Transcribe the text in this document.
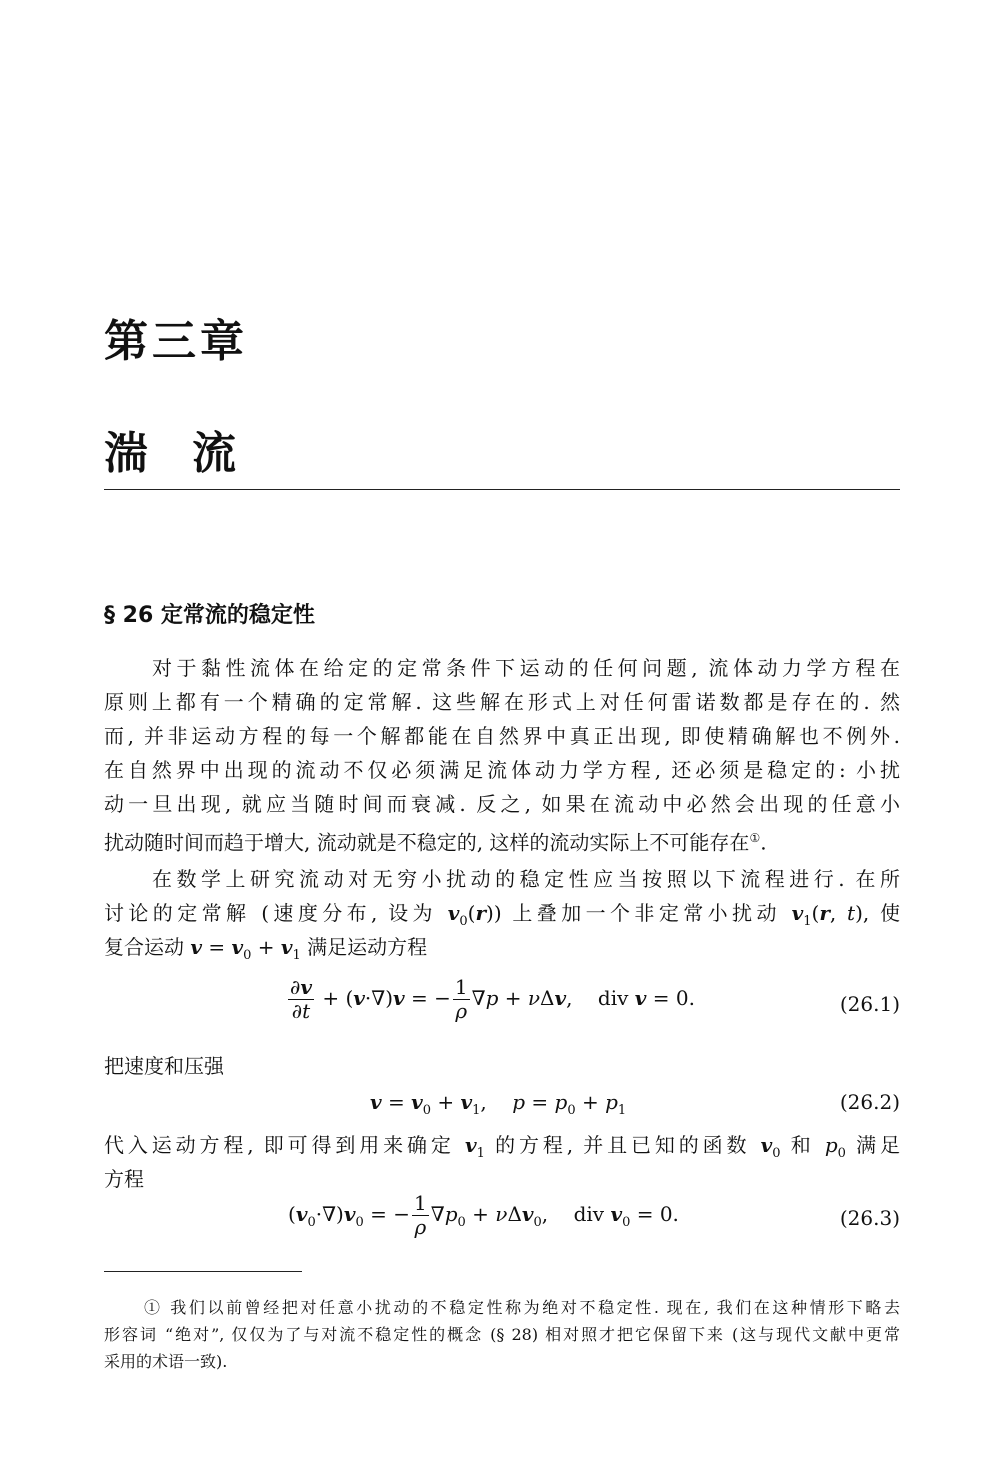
第三章
湍流
§ 26 定常流的稳定性
对于黏性流体在给定的定常条件下运动的任何问题, 流体动力学方程在
原则上都有一个精确的定常解. 这些解在形式上对任何雷诺数都是存在的. 然
而, 并非运动方程的每一个解都能在自然界中真正出现, 即使精确解也不例外.
在自然界中出现的流动不仅必须满足流体动力学方程, 还必须是稳定的: 小扰
动一旦出现, 就应当随时间而衰减. 反之, 如果在流动中必然会出现的任意小
扰动随时间而趋于增大, 流动就是不稳定的, 这样的流动实际上不可能存在①.
在数学上研究流动对无穷小扰动的稳定性应当按照以下流程进行. 在所
讨论的定常解 (速度分布, 设为 $v_0(r)$) 上叠加一个非定常小扰动 $v_1(r$, t), 使
复合运动 $v = v_0 + v_1$ 满足运动方程
$\frac{\partial v}{\partial t} + (v\cdot\nabla)v$ = − $\frac{1}{\rho} \nabla p + \nu\Delta v$,    div v = 0.	(26.1)
把速度和压强
$v = v_0 + v_1$,    $p = p_0 + p_1$	(26.2)
代入运动方程, 即可得到用来确定 $v_1$ 的方程, 并且已知的函数 $v_0$ 和 $p_0$ 满足
方程
$(v_0\cdot\nabla)v_0$ = − $\frac{1}{\rho} \nabla p_0 + \nu\Delta v_0$,    div $v_0 = 0$.	(26.3)
① 我们以前曾经把对任意小扰动的不稳定性称为绝对不稳定性. 现在, 我们在这种情形下略去
形容词 “绝对”, 仅仅为了与对流不稳定性的概念 (§ 28) 相对照才把它保留下来 (这与现代文献中更常
采用的术语一致).
